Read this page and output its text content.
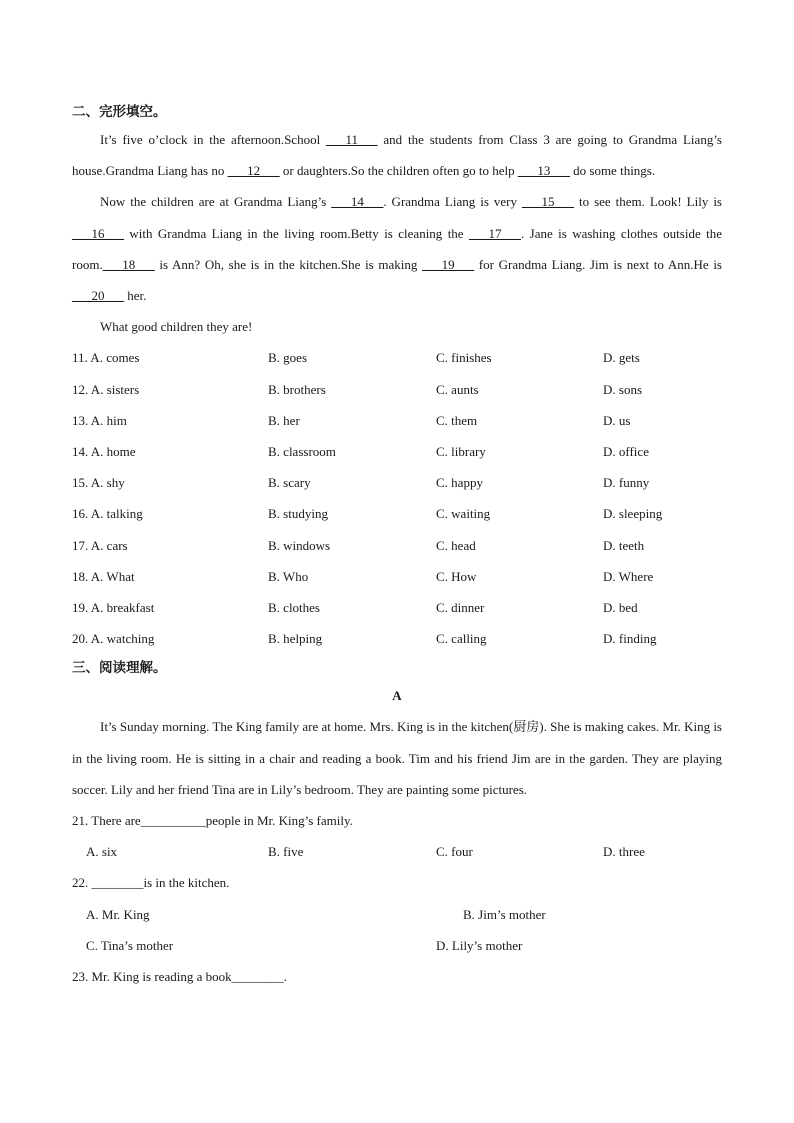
二、完形填空。
It’s five o’clock in the afternoon.School ___11___ and the students from Class 3 are going to Grandma Liang’s house.Grandma Liang has no ___12___ or daughters.So the children often go to help ___13___ do some things.
Now the children are at Grandma Liang’s ___14___. Grandma Liang is very ___15___ to see them. Look! Lily is ___16___ with Grandma Liang in the living room.Betty is cleaning the ___17___. Jane is washing clothes outside the room.___18___ is Ann? Oh, she is in the kitchen.She is making ___19___ for Grandma Liang. Jim is next to Ann.He is ___20___ her.
What good children they are!
11. A. comes	B. goes	C. finishes	D. gets
12. A. sisters	B. brothers	C. aunts	D. sons
13. A. him	B. her	C. them	D. us
14. A. home	B. classroom	C. library	D. office
15. A. shy	B. scary	C. happy	D. funny
16. A. talking	B. studying	C. waiting	D. sleeping
17. A. cars	B. windows	C. head	D. teeth
18. A. What	B. Who	C. How	D. Where
19. A. breakfast	B. clothes	C. dinner	D. bed
20. A. watching	B. helping	C. calling	D. finding
三、阅读理解。
A
It’s Sunday morning. The King family are at home. Mrs. King is in the kitchen(厨房). She is making cakes. Mr. King is in the living room. He is sitting in a chair and reading a book. Tim and his friend Jim are in the garden. They are playing soccer. Lily and her friend Tina are in Lily’s bedroom. They are painting some pictures.
21. There are__________people in Mr. King’s family.
A. six	B. five	C. four	D. three
22. ________is in the kitchen.
A. Mr. King	B. Jim’s mother
C. Tina’s mother	D. Lily’s mother
23. Mr. King is reading a book________.
